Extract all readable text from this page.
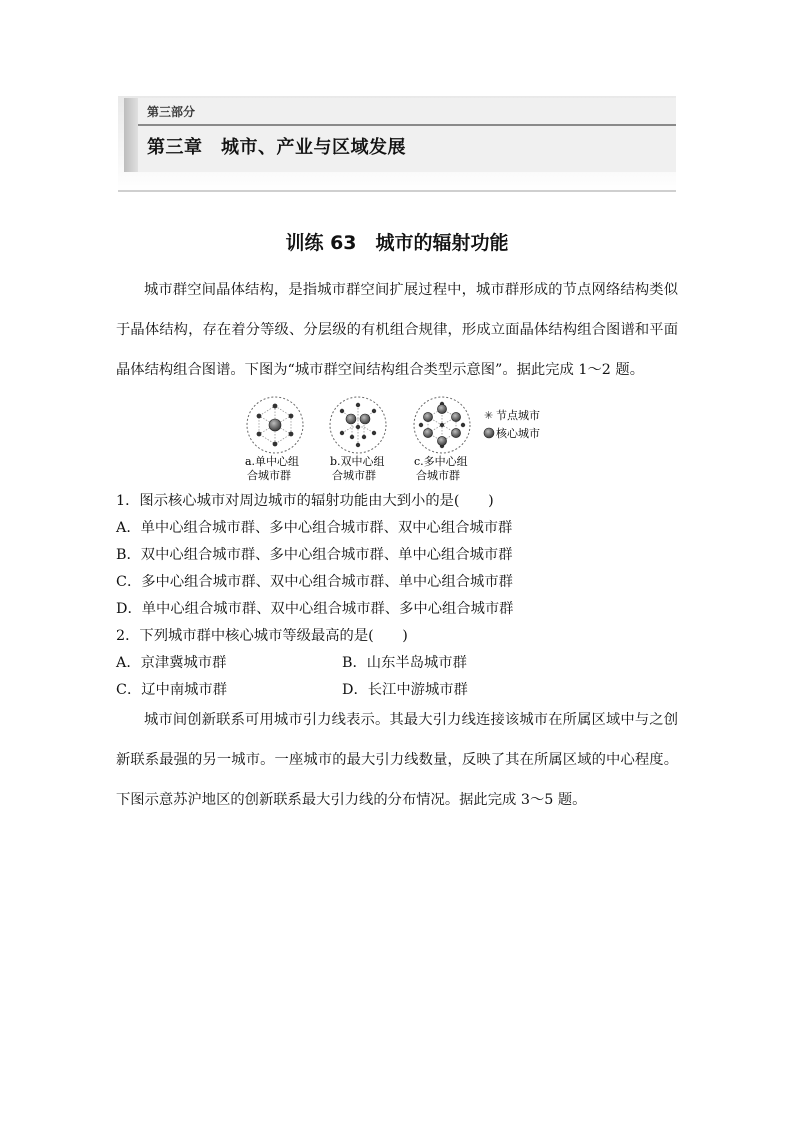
第三部分
第三章　城市、产业与区域发展
训练 63　城市的辐射功能
城市群空间晶体结构，是指城市群空间扩展过程中，城市群形成的节点网络结构类似于晶体结构，存在着分等级、分层级的有机组合规律，形成立面晶体结构组合图谱和平面晶体结构组合图谱。下图为“城市群空间结构组合类型示意图”。据此完成 1～2 题。
a.单中心组
合城市群
b.双中心组
合城市群
c.多中心组
合城市群
✳ 节点城市
核心城市
1．图示核心城市对周边城市的辐射功能由大到小的是(　　)
A．单中心组合城市群、多中心组合城市群、双中心组合城市群
B．双中心组合城市群、多中心组合城市群、单中心组合城市群
C．多中心组合城市群、双中心组合城市群、单中心组合城市群
D．单中心组合城市群、双中心组合城市群、多中心组合城市群
2．下列城市群中核心城市等级最高的是(　　)
A．京津冀城市群	B．山东半岛城市群
C．辽中南城市群	D．长江中游城市群
城市间创新联系可用城市引力线表示。其最大引力线连接该城市在所属区域中与之创新联系最强的另一城市。一座城市的最大引力线数量，反映了其在所属区域的中心程度。下图示意苏沪地区的创新联系最大引力线的分布情况。据此完成 3～5 题。
